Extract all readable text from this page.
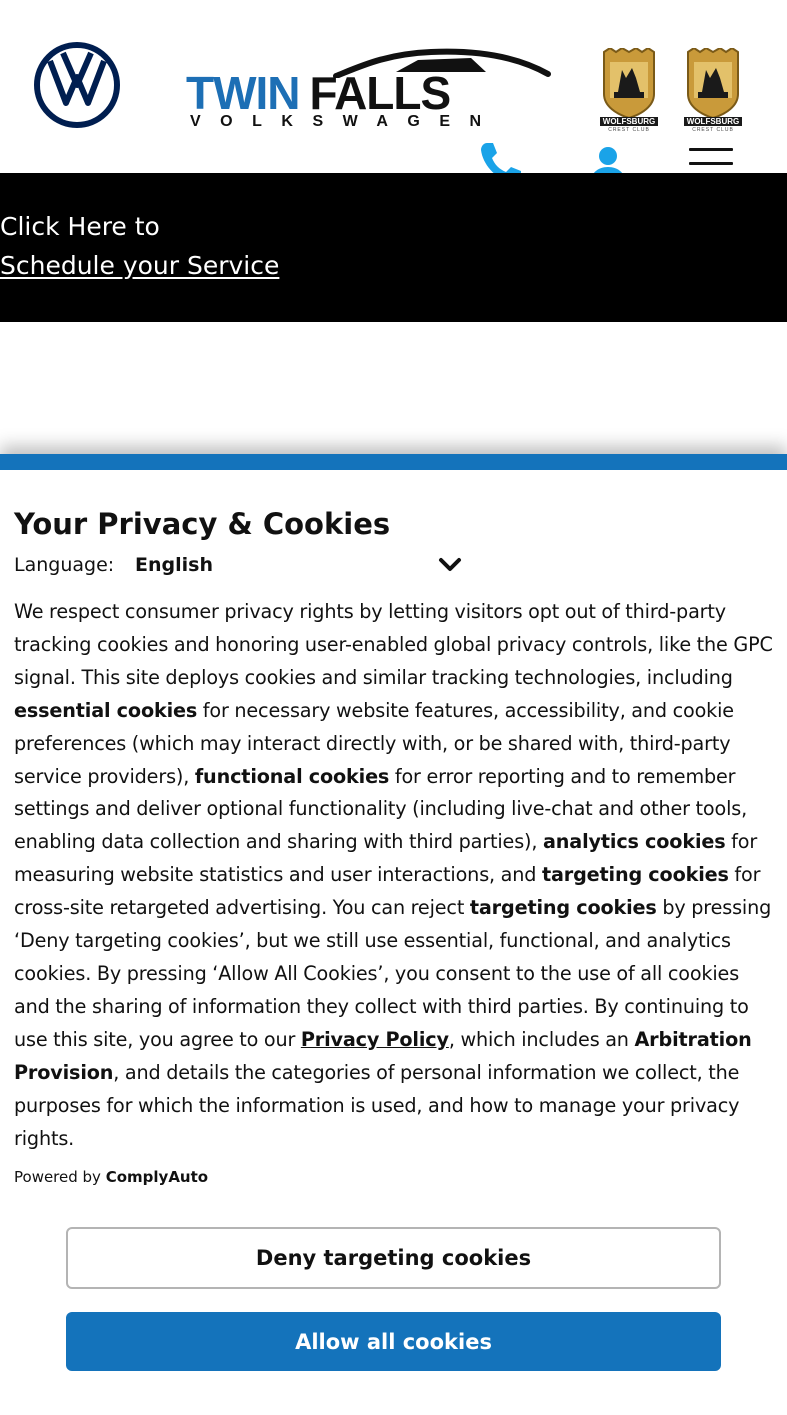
TWIN FALLS
VOLKSWAGEN	WOLFSBURG
CREST CLUB
WOLFSBURG
CREST CLUB
Click Here to
Schedule your Service
Your Privacy & Cookies
Language: English
We respect consumer privacy rights by letting visitors opt out of third-party tracking cookies and honoring user-enabled global privacy controls, like the GPC signal. This site deploys cookies and similar tracking technologies, including essential cookies for necessary website features, accessibility, and cookie preferences (which may interact directly with, or be shared with, third-party service providers), functional cookies for error reporting and to remember settings and deliver optional functionality (including live-chat and other tools, enabling data collection and sharing with third parties), analytics cookies for measuring website statistics and user interactions, and targeting cookies for cross-site retargeted advertising. You can reject targeting cookies by pressing ‘Deny targeting cookies’, but we still use essential, functional, and analytics cookies. By pressing ‘Allow All Cookies’, you consent to the use of all cookies and the sharing of information they collect with third parties. By continuing to use this site, you agree to our Privacy Policy, which includes an Arbitration Provision, and details the categories of personal information we collect, the purposes for which the information is used, and how to manage your privacy rights.
Powered by ComplyAuto
Deny targeting cookies
Allow all cookies
